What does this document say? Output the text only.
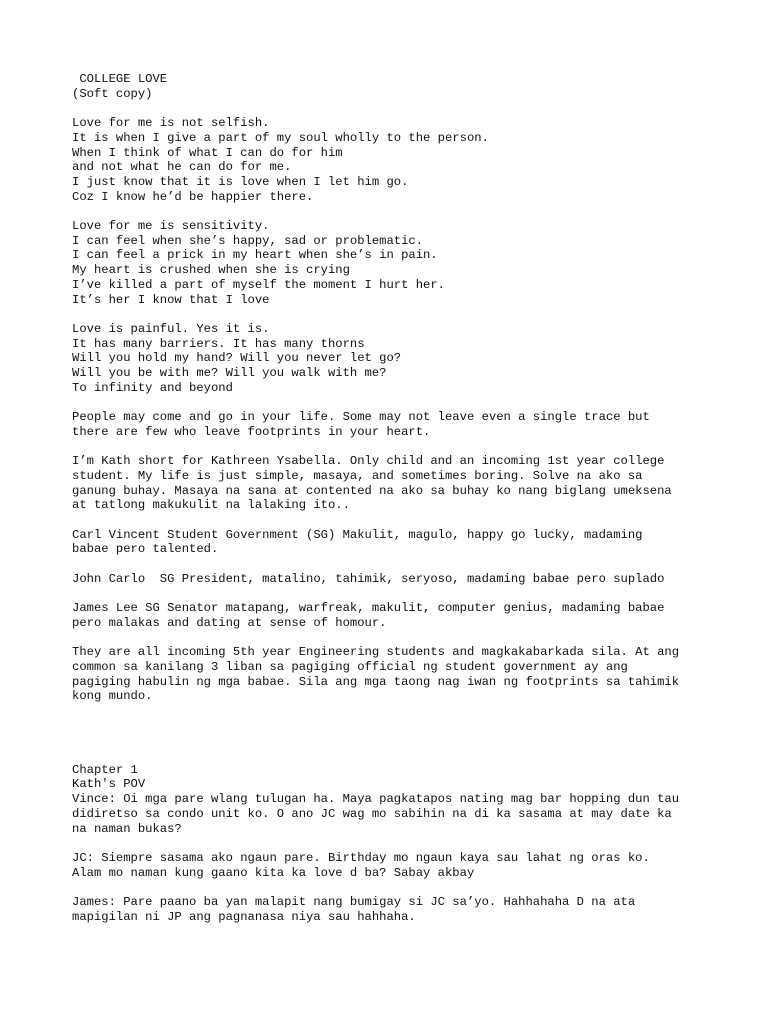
COLLEGE LOVE
(Soft copy)
Love for me is not selfish.
It is when I give a part of my soul wholly to the person.
When I think of what I can do for him
and not what he can do for me.
I just know that it is love when I let him go.
Coz I know he’d be happier there.
Love for me is sensitivity.
I can feel when she’s happy, sad or problematic.
I can feel a prick in my heart when she’s in pain.
My heart is crushed when she is crying
I’ve killed a part of myself the moment I hurt her.
It’s her I know that I love
Love is painful. Yes it is.
It has many barriers. It has many thorns
Will you hold my hand? Will you never let go?
Will you be with me? Will you walk with me?
To infinity and beyond
People may come and go in your life. Some may not leave even a single trace but
there are few who leave footprints in your heart.
I’m Kath short for Kathreen Ysabella. Only child and an incoming 1st year college
student. My life is just simple, masaya, and sometimes boring. Solve na ako sa
ganung buhay. Masaya na sana at contented na ako sa buhay ko nang biglang umeksena
at tatlong makukulit na lalaking ito..
Carl Vincent Student Government (SG) Makulit, magulo, happy go lucky, madaming
babae pero talented.
John Carlo  SG President, matalino, tahimik, seryoso, madaming babae pero suplado
James Lee SG Senator matapang, warfreak, makulit, computer genius, madaming babae
pero malakas and dating at sense of homour.
They are all incoming 5th year Engineering students and magkakabarkada sila. At ang
common sa kanilang 3 liban sa pagiging official ng student government ay ang
pagiging habulin ng mga babae. Sila ang mga taong nag iwan ng footprints sa tahimik
kong mundo.
Chapter 1
Kath's POV
Vince: Oi mga pare wlang tulugan ha. Maya pagkatapos nating mag bar hopping dun tau
didiretso sa condo unit ko. O ano JC wag mo sabihin na di ka sasama at may date ka
na naman bukas?
JC: Siempre sasama ako ngaun pare. Birthday mo ngaun kaya sau lahat ng oras ko.
Alam mo naman kung gaano kita ka love d ba? Sabay akbay
James: Pare paano ba yan malapit nang bumigay si JC sa’yo. Hahhahaha D na ata
mapigilan ni JP ang pagnanasa niya sau hahhaha.
